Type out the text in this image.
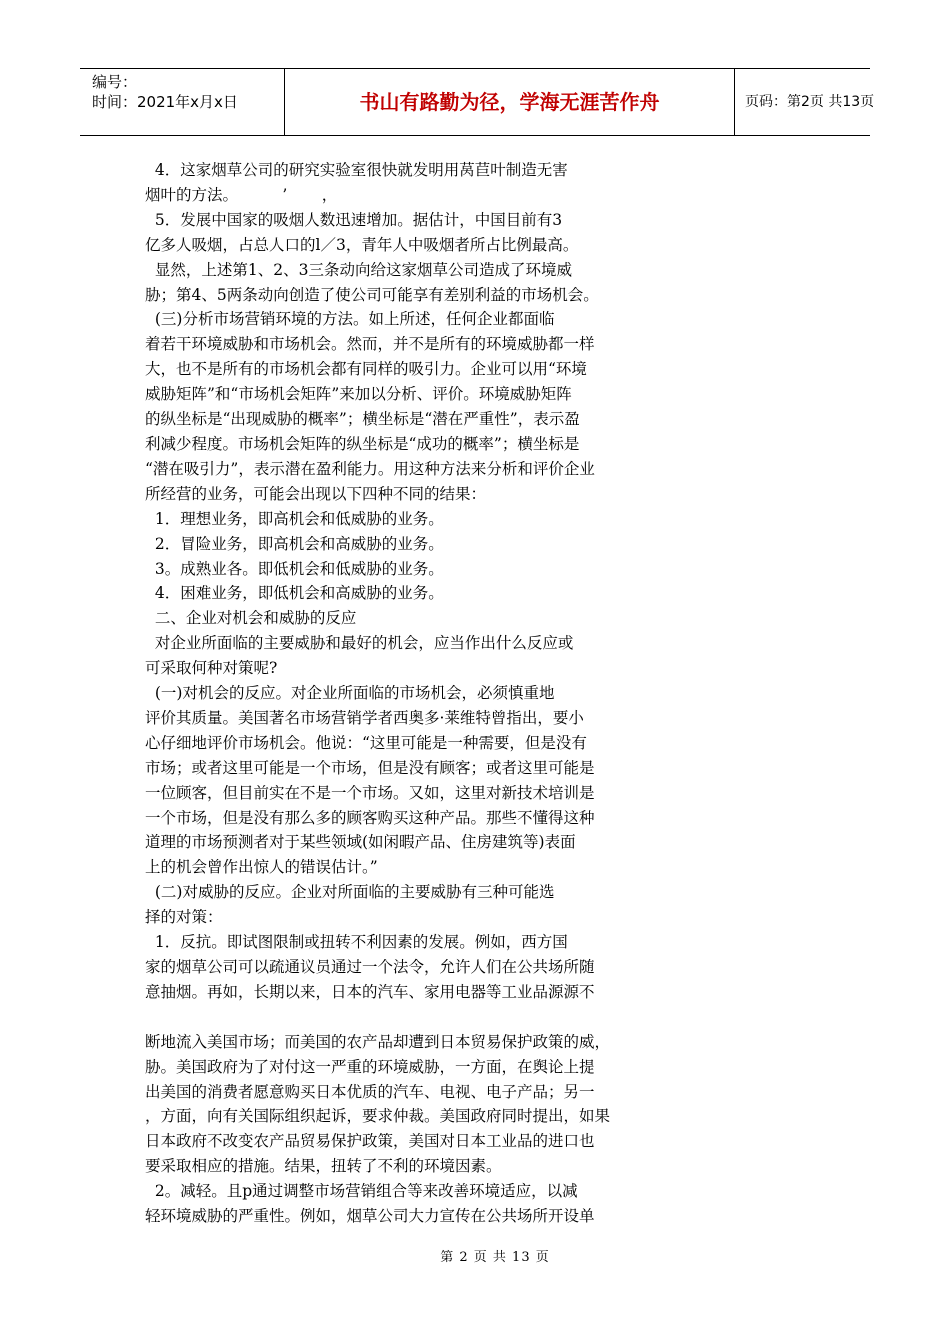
编号：
时间：2021年x月x日	书山有路勤为径，学海无涯苦作舟	页码：第2页 共13页
4．这家烟草公司的研究实验室很快就发明用莴苣叶制造无害
烟叶的方法。         ’       ，
5．发展中国家的吸烟人数迅速增加。据估计，中国目前有3
亿多人吸烟，占总人口的l／3，青年人中吸烟者所占比例最高。
显然，上述第1、2、3三条动向给这家烟草公司造成了环境威
胁；第4、5两条动向创造了使公司可能享有差别利益的市场机会。
(三)分析市场营销环境的方法。如上所述，任何企业都面临
着若干环境威胁和市场机会。然而，并不是所有的环境威胁都一样
大，也不是所有的市场机会都有同样的吸引力。企业可以用“环境
威胁矩阵”和“市场机会矩阵”来加以分析、评价。环境威胁矩阵
的纵坐标是“出现威胁的概率”；横坐标是“潜在严重性”，表示盈
利减少程度。市场机会矩阵的纵坐标是“成功的概率”；横坐标是
“潜在吸引力”，表示潜在盈利能力。用这种方法来分析和评价企业
所经营的业务，可能会出现以下四种不同的结果：
1．理想业务，即高机会和低威胁的业务。
2．冒险业务，即高机会和高威胁的业务。
3。成熟业各。即低机会和低威胁的业务。
4．困难业务，即低机会和高威胁的业务。
二、企业对机会和威胁的反应
对企业所面临的主要威胁和最好的机会，应当作出什么反应或
可采取何种对策呢?
(一)对机会的反应。对企业所面临的市场机会，必须慎重地
评价其质量。美国著名市场营销学者西奥多·莱维特曾指出，要小
心仔细地评价市场机会。他说：“这里可能是一种需要，但是没有
市场；或者这里可能是一个市场，但是没有顾客；或者这里可能是
一位顾客，但目前实在不是一个市场。又如，这里对新技术培训是
一个市场，但是没有那么多的顾客购买这种产品。那些不懂得这种
道理的市场预测者对于某些领域(如闲暇产品、住房建筑等)表面
上的机会曾作出惊人的错误估计。”
(二)对威胁的反应。企业对所面临的主要威胁有三种可能选
择的对策：
1．反抗。即试图限制或扭转不利因素的发展。例如，西方国
家的烟草公司可以疏通议员通过一个法令，允许人们在公共场所随
意抽烟。再如，长期以来，日本的汽车、家用电器等工业品源源不
断地流入美国市场；而美国的农产品却遭到日本贸易保护政策的威，
胁。美国政府为了对付这一严重的环境威胁，一方面，在舆论上提
出美国的消费者愿意购买日本优质的汽车、电视、电子产品；另一
，方面，向有关国际组织起诉，要求仲裁。美国政府同时提出，如果
日本政府不改变农产品贸易保护政策，美国对日本工业品的进口也
要采取相应的措施。结果，扭转了不利的环境因素。
2。减轻。且p通过调整市场营销组合等来改善环境适应，以减
轻环境威胁的严重性。例如，烟草公司大力宣传在公共场所开设单
第 2 页 共 13 页
